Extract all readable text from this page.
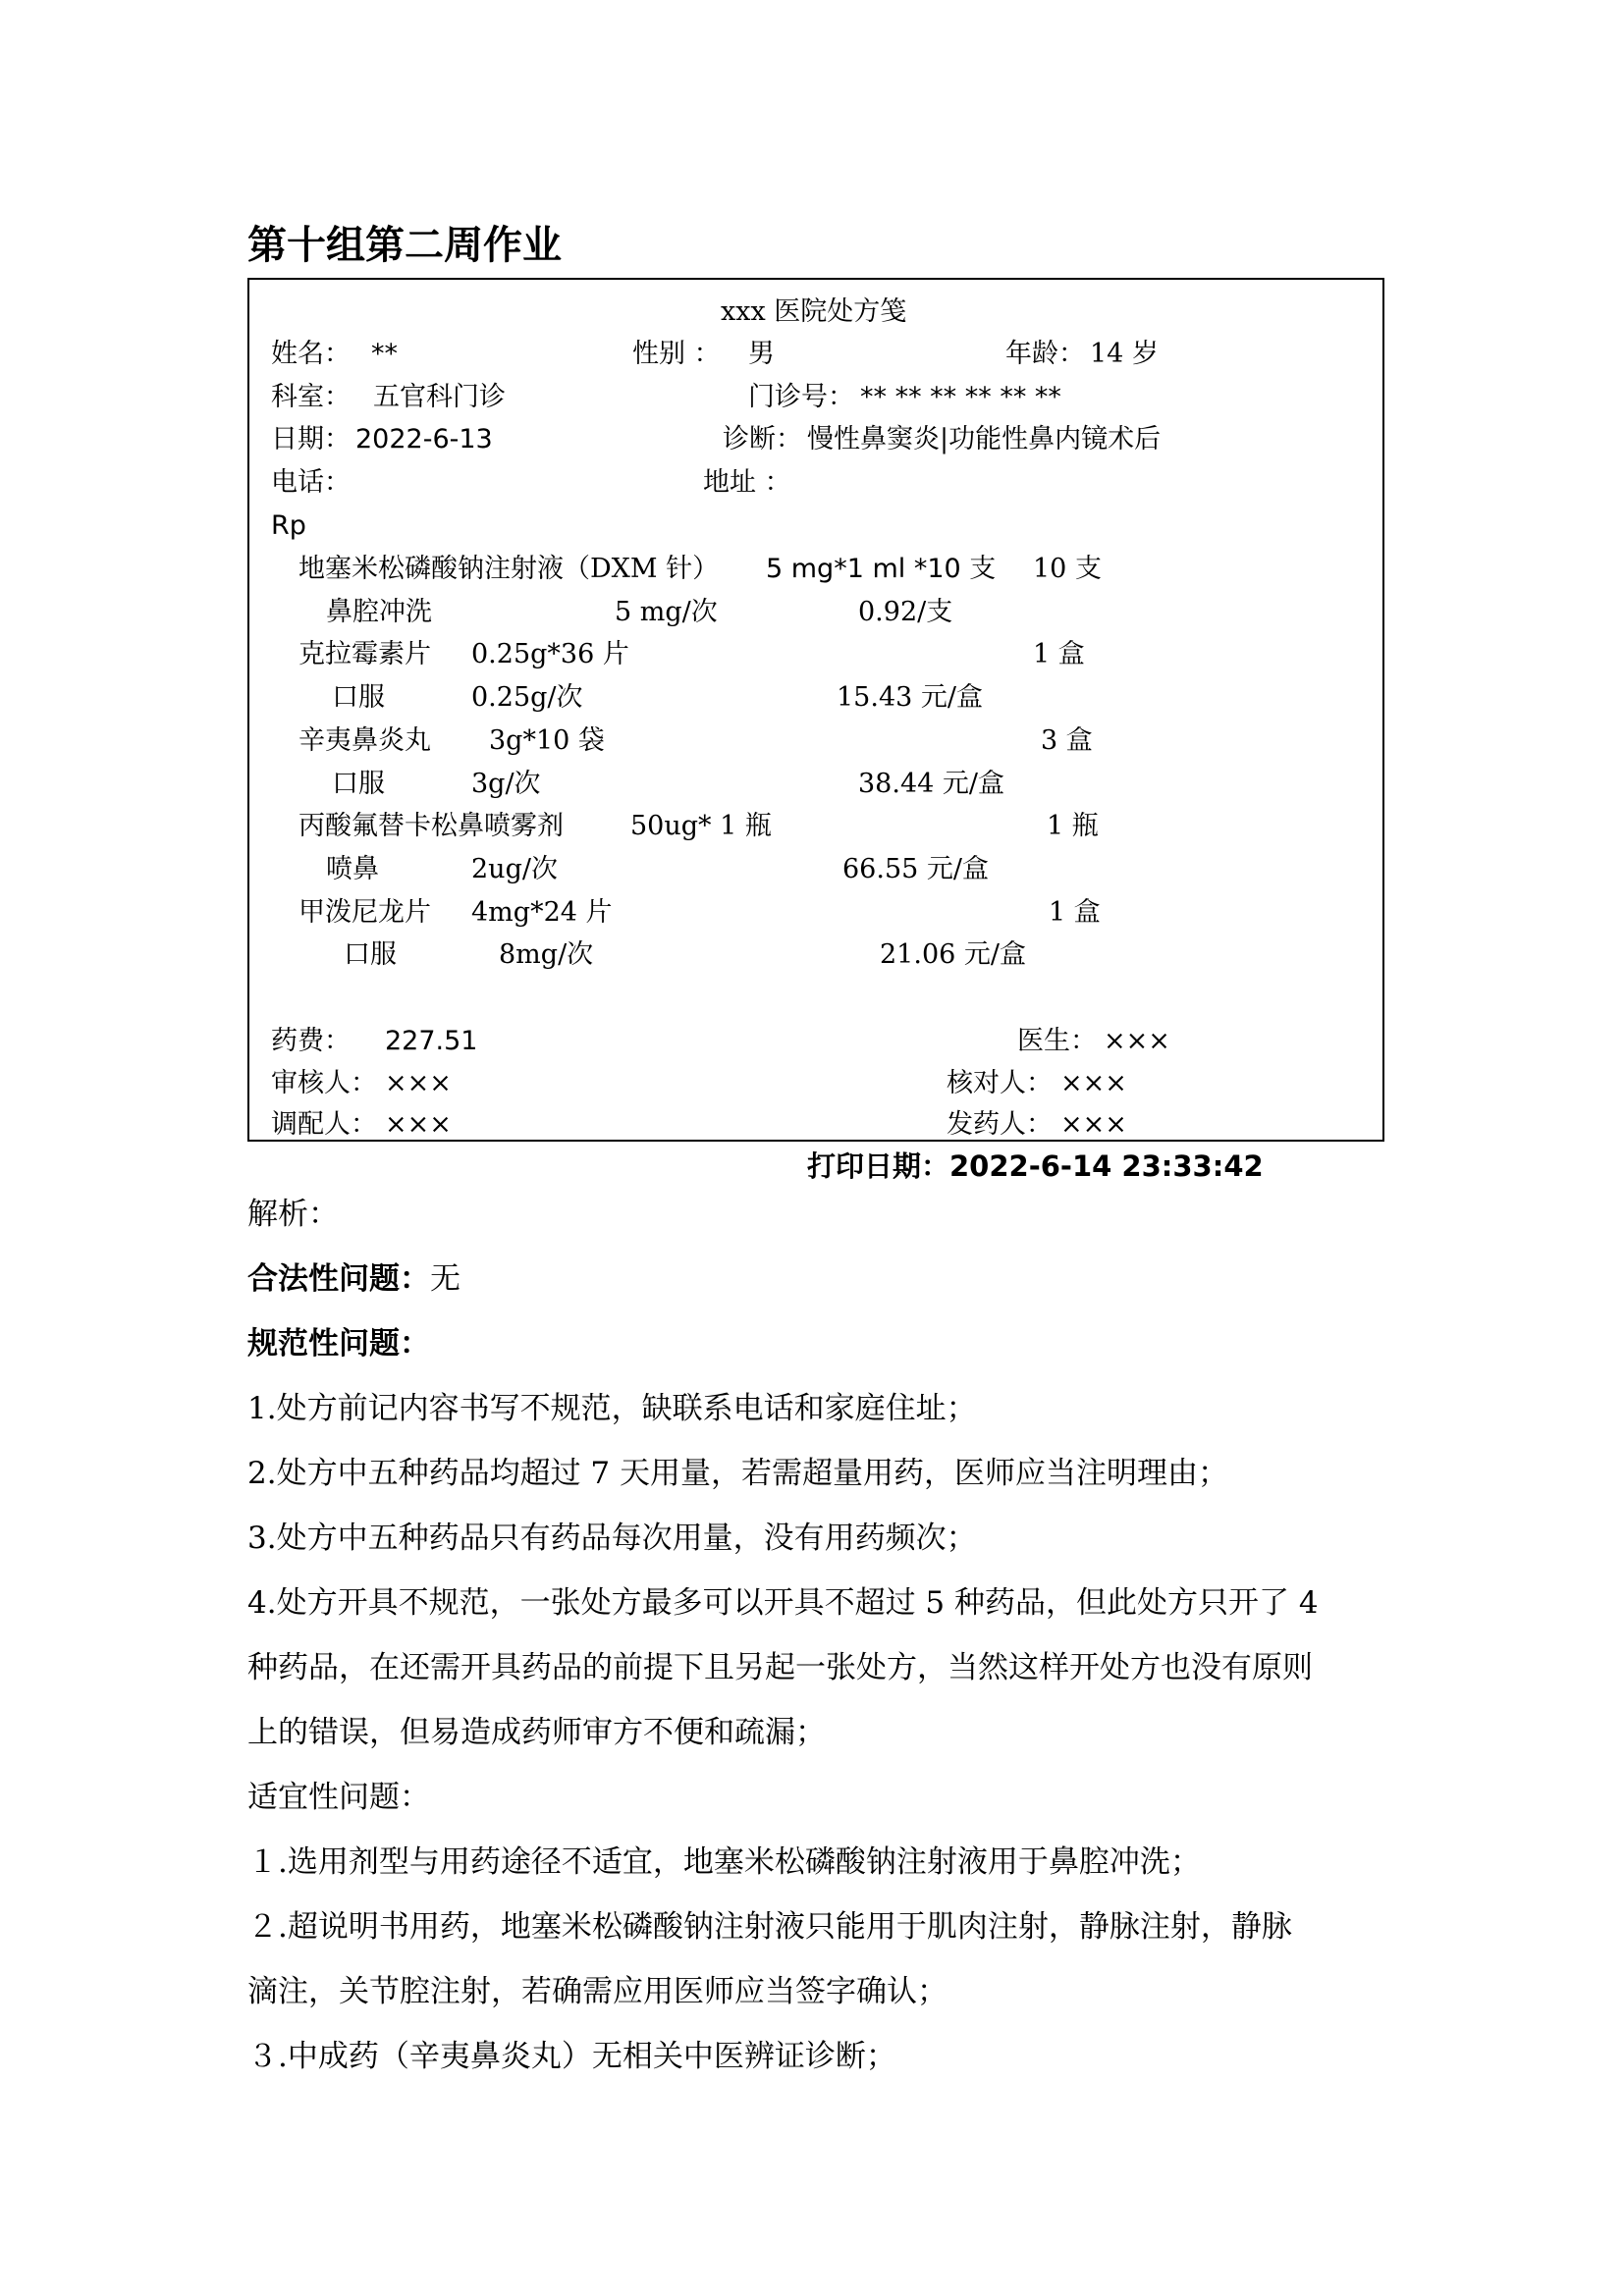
第十组第二周作业
xxx 医院处方笺
姓名： **	性别 ： 男	年龄： 14 岁
科室： 五官科门诊	门诊号： ** ** ** ** ** **
日期： 2022-6-13	诊断： 慢性鼻窦炎|功能性鼻内镜术后
电话：	地址 ：
Rp
地塞米松磷酸钠注射液（DXM 针） 5 mg*1 ml *10 支 10 支
鼻腔冲洗	5 mg/次	0.92/支
克拉霉素片 0.25g*36 片	1 盒
口服	0.25g/次	15.43 元/盒
辛夷鼻炎丸 3g*10 袋	3 盒
口服	3g/次	38.44 元/盒
丙酸氟替卡松鼻喷雾剂	50ug* 1 瓶	1 瓶
喷鼻	2ug/次	66.55 元/盒
甲泼尼龙片 4mg*24 片	1 盒
口服	8mg/次	21.06 元/盒
药费： 227.51	医生： ×××
审核人： ×××	核对人： ×××
调配人： ×××	发药人： ×××
打印日期：2022-6-14 23:33:42
解析：
合法性问题：无
规范性问题：
1.处方前记内容书写不规范，缺联系电话和家庭住址；
2.处方中五种药品均超过 7 天用量，若需超量用药，医师应当注明理由；
3.处方中五种药品只有药品每次用量，没有用药频次；
4.处方开具不规范，一张处方最多可以开具不超过 5 种药品，但此处方只开了 4
种药品，在还需开具药品的前提下且另起一张处方，当然这样开处方也没有原则
上的错误，但易造成药师审方不便和疏漏；
适宜性问题：
１.选用剂型与用药途径不适宜，地塞米松磷酸钠注射液用于鼻腔冲洗；
２.超说明书用药，地塞米松磷酸钠注射液只能用于肌肉注射，静脉注射，静脉
滴注，关节腔注射，若确需应用医师应当签字确认；
３.中成药（辛夷鼻炎丸）无相关中医辨证诊断；
